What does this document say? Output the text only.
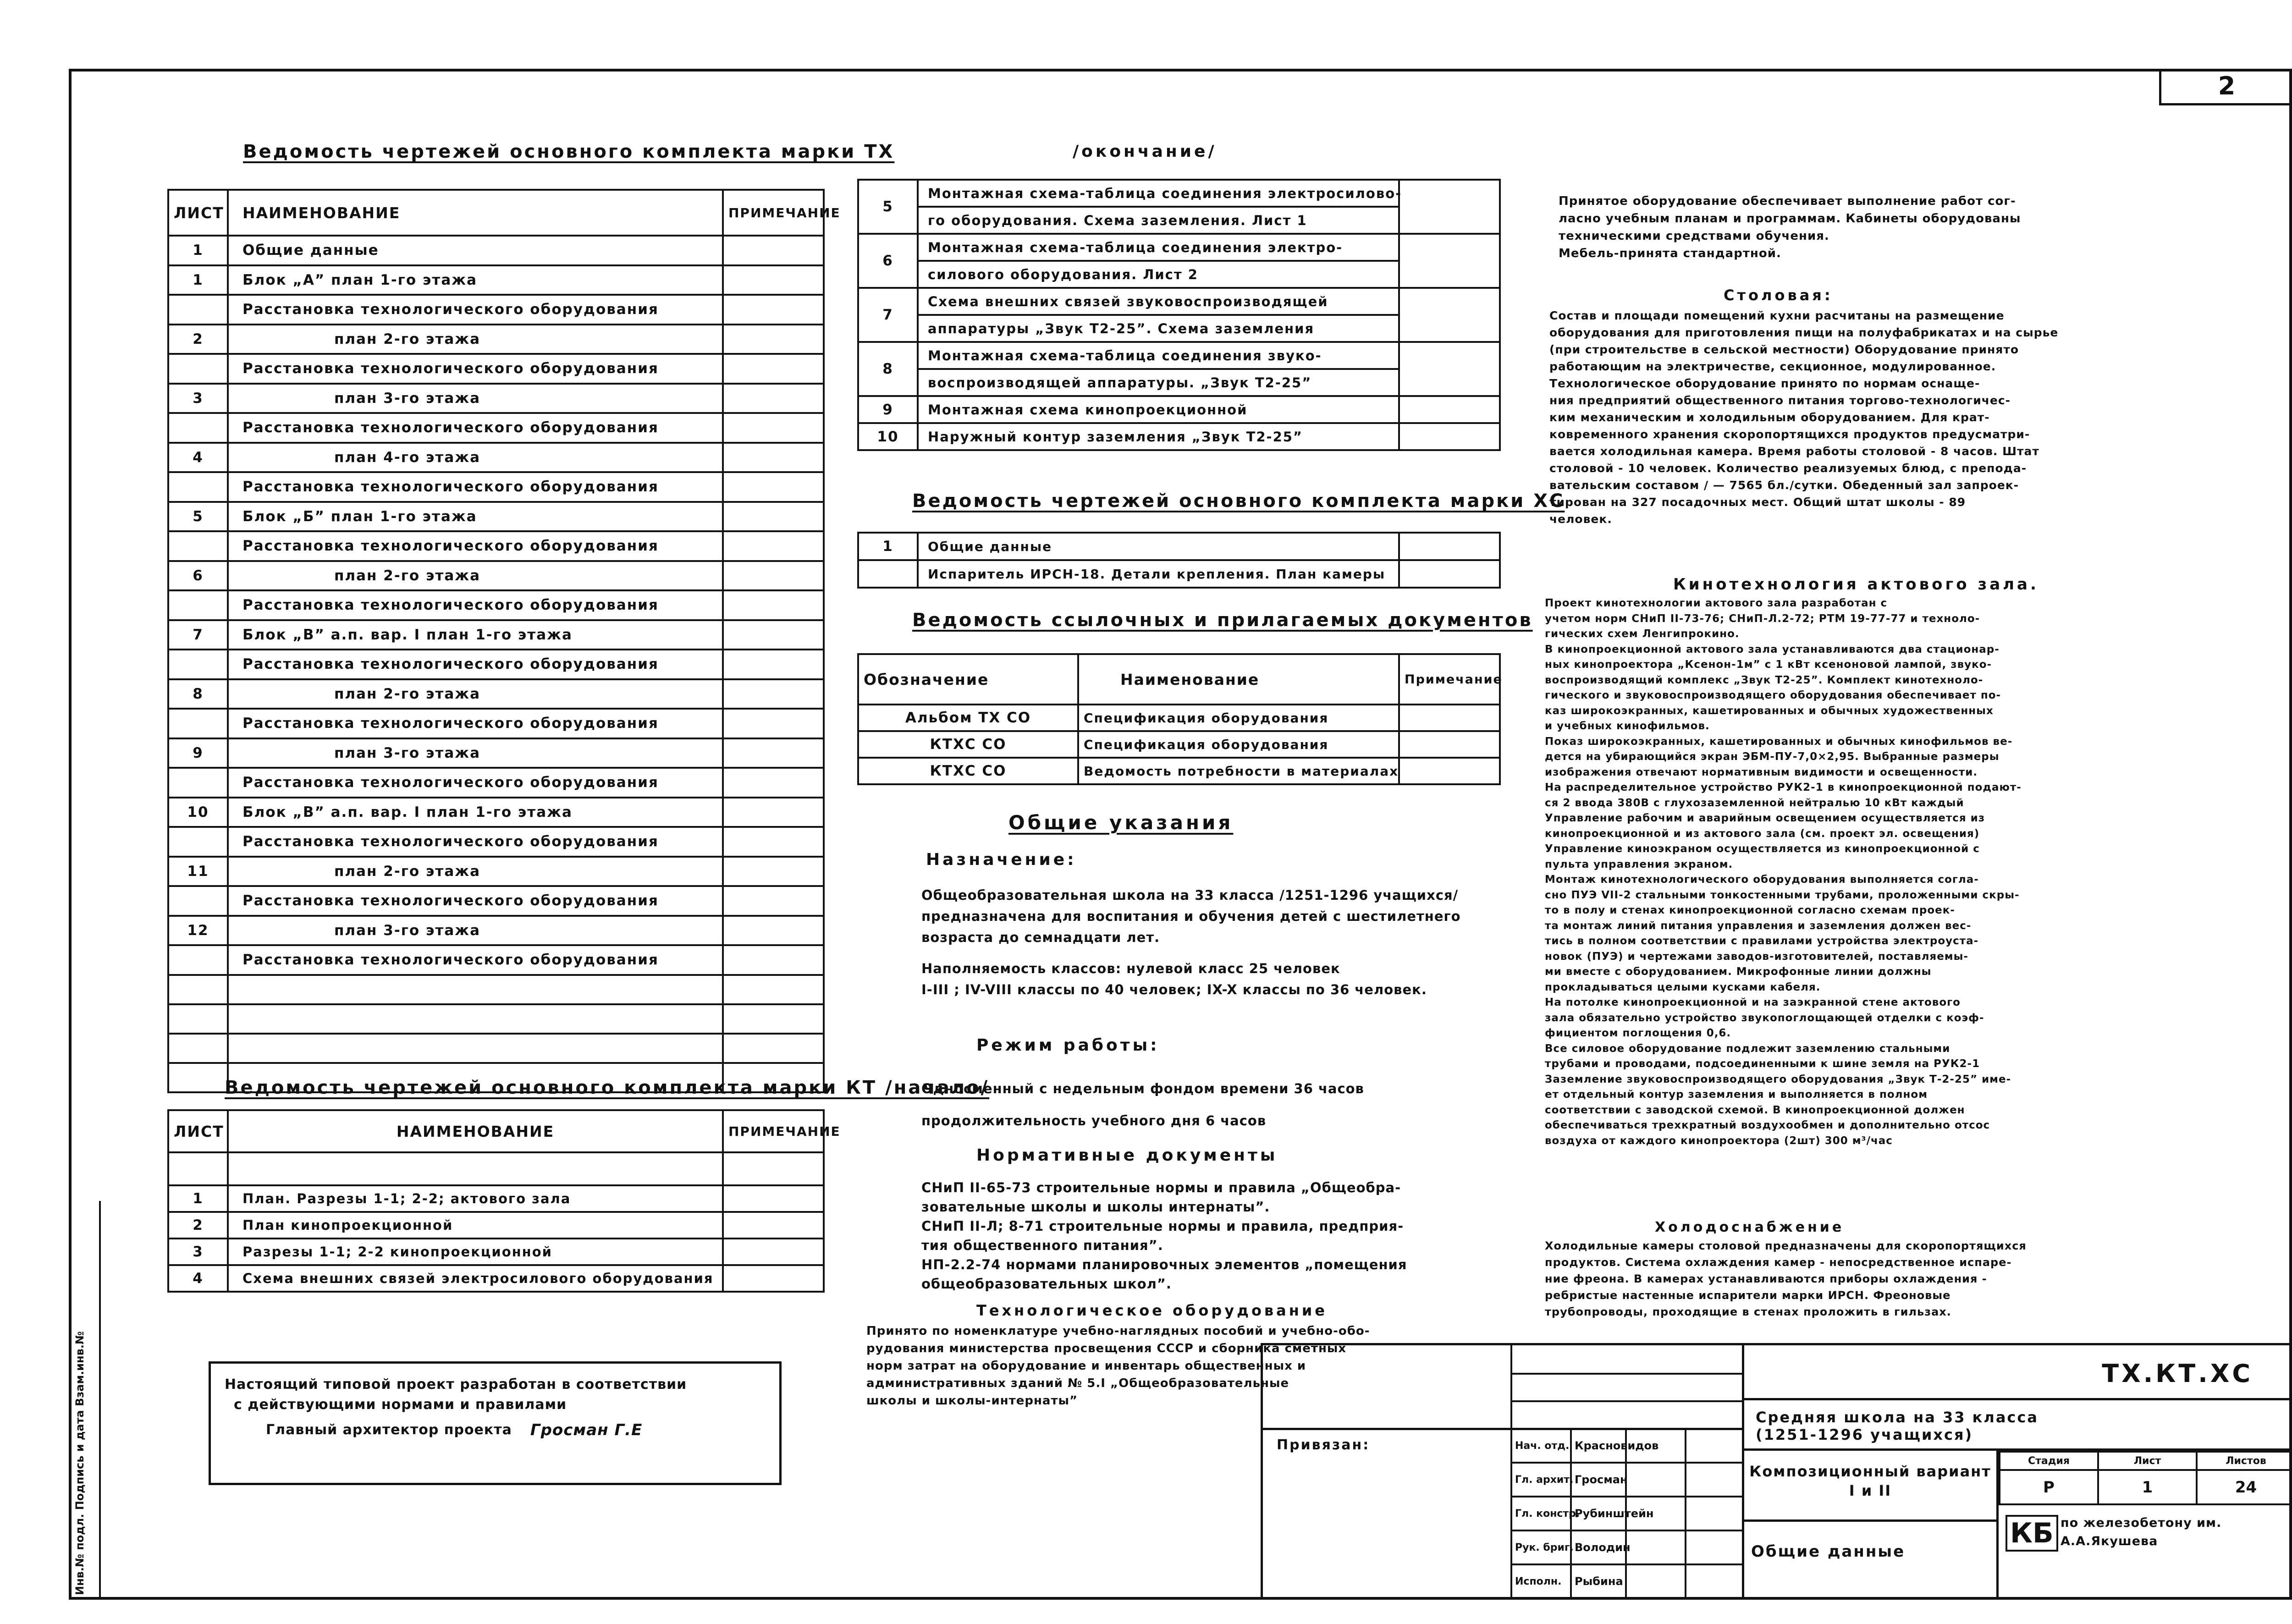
2
Инв.№ подл. Подпись и дата Взам.инв.№
Ведомость чертежей основного комплекта марки ТХ
ЛИСТ	НАИМЕНОВАНИЕ	ПРИМЕЧАНИЕ
1	Общие данные	
1	Блок „А” план 1-го этажа	
	Расстановка технологического оборудования	
2	план 2-го этажа	
	Расстановка технологического оборудования	
3	план 3-го этажа	
	Расстановка технологического оборудования	
4	план 4-го этажа	
	Расстановка технологического оборудования	
5	Блок „Б” план 1-го этажа	
	Расстановка технологического оборудования	
6	план 2-го этажа	
	Расстановка технологического оборудования	
7	Блок „В” а.п. вар. I план 1-го этажа	
	Расстановка технологического оборудования	
8	план 2-го этажа	
	Расстановка технологического оборудования	
9	план 3-го этажа	
	Расстановка технологического оборудования	
10	Блок „В” а.п. вар. I план 1-го этажа	
	Расстановка технологического оборудования	
11	план 2-го этажа	
	Расстановка технологического оборудования	
12	план 3-го этажа	
	Расстановка технологического оборудования	

Ведомость чертежей основного комплекта марки КТ /начало/
ЛИСТ	НАИМЕНОВАНИЕ	ПРИМЕЧАНИЕ

1	План. Разрезы 1-1; 2-2; актового зала	
2	План кинопроекционной	
3	Разрезы 1-1; 2-2 кинопроекционной	
4	Схема внешних связей электросилового оборудования	
/окончание/
5	Монтажная схема-таблица соединения электросилово-	
	го оборудования. Схема заземления. Лист 1	
6	Монтажная схема-таблица соединения электро-	
	силового оборудования. Лист 2	
7	Схема внешних связей звуковоспроизводящей	
	аппаратуры „Звук Т2-25”. Схема заземления	
8	Монтажная схема-таблица соединения звуко-	
	воспроизводящей аппаратуры. „Звук Т2-25”	
9	Монтажная схема кинопроекционной	
10	Наружный контур заземления „Звук Т2-25”	
Ведомость чертежей основного комплекта марки ХС
1	Общие данные	
	Испаритель ИРСН-18. Детали крепления. План камеры	
Ведомость ссылочных и прилагаемых документов
Обозначение	Наименование	Примечание
Альбом ТХ СО	Спецификация оборудования	
КТХС СО	Спецификация оборудования	
КТХС СО	Ведомость потребности в материалах	
Общие указания
Назначение:
Общеобразовательная школа на 33 класса /1251-1296 учащихся/
предназначена для воспитания и обучения детей с шестилетнего
возраста до семнадцати лет.
Наполняемость классов: нулевой класс 25 человек
I-III ; IV-VIII классы по 40 человек; IX-X классы по 36 человек.
Режим работы:
Односменный с недельным фондом времени 36 часов
продолжительность учебного дня 6 часов
Нормативные документы
СНиП II-65-73 строительные нормы и правила „Общеобра-
зовательные школы и школы интернаты”.
СНиП II-Л; 8-71 строительные нормы и правила, предприя-
тия общественного питания”.
НП-2.2-74 нормами планировочных элементов „помещения
общеобразовательных школ”.
Технологическое оборудование
Принято по номенклатуре учебно-наглядных пособий и учебно-обо-
рудования министерства просвещения СССР и сборника сметных
норм затрат на оборудование и инвентарь общественных и
административных зданий № 5.I „Общеобразовательные
школы и школы-интернаты”
Принятое оборудование обеспечивает выполнение работ сог-
ласно учебным планам и программам. Кабинеты оборудованы
техническими средствами обучения.
Мебель-принята стандартной.
Столовая:
Состав и площади помещений кухни расчитаны на размещение
оборудования для приготовления пищи на полуфабрикатах и на сырье
(при строительстве в сельской местности) Оборудование принято
работающим на электричестве, секционное, модулированное.
Технологическое оборудование принято по нормам оснаще-
ния предприятий общественного питания торгово-технологичес-
ким механическим и холодильным оборудованием. Для крат-
ковременного хранения скоропортящихся продуктов предусматри-
вается холодильная камера. Время работы столовой - 8 часов. Штат
столовой - 10 человек. Количество реализуемых блюд, с препода-
вательским составом / — 7565 бл./сутки. Обеденный зал запроек-
тирован на 327 посадочных мест. Общий штат школы - 89
человек.
Кинотехнология актового зала.
Проект кинотехнологии актового зала разработан с
учетом норм СНиП II-73-76; СНиП-Л.2-72; РТМ 19-77-77 и техноло-
гических схем Ленгипрокино.
В кинопроекционной актового зала устанавливаются два стационар-
ных кинопроектора „Ксенон-1м” с 1 кВт ксеноновой лампой, звуко-
воспроизводящий комплекс „Звук Т2-25”. Комплект кинотехноло-
гического и звуковоспроизводящего оборудования обеспечивает по-
каз широкоэкранных, кашетированных и обычных художественных
и учебных кинофильмов.
Показ широкоэкранных, кашетированных и обычных кинофильмов ве-
дется на убирающийся экран ЭБМ-ПУ-7,0×2,95. Выбранные размеры
изображения отвечают нормативным видимости и освещенности.
На распределительное устройство РУК2-1 в кинопроекционной подают-
ся 2 ввода 380В с глухозаземленной нейтралью 10 кВт каждый
Управление рабочим и аварийным освещением осуществляется из
кинопроекционной и из актового зала (см. проект эл. освещения)
Управление киноэкраном осуществляется из кинопроекционной с
пульта управления экраном.
Монтаж кинотехнологического оборудования выполняется согла-
сно ПУЭ VII-2 стальными тонкостенными трубами, проложенными скры-
то в полу и стенах кинопроекционной согласно схемам проек-
та монтаж линий питания управления и заземления должен вес-
тись в полном соответствии с правилами устройства электроуста-
новок (ПУЭ) и чертежами заводов-изготовителей, поставляемы-
ми вместе с оборудованием. Микрофонные линии должны
прокладываться целыми кусками кабеля.
На потолке кинопроекционной и на заэкранной стене актового
зала обязательно устройство звукопоглощающей отделки с коэф-
фициентом поглощения 0,6.
Все силовое оборудование подлежит заземлению стальными
трубами и проводами, подсоединенными к шине земля на РУК2-1
Заземление звуковоспроизводящего оборудования „Звук Т-2-25” име-
ет отдельный контур заземления и выполняется в полном
соответствии с заводской схемой. В кинопроекционной должен
обеспечиваться трехкратный воздухообмен и дополнительно отсос
воздуха от каждого кинопроектора (2шт) 300 м³/час
Холодоснабжение
Холодильные камеры столовой предназначены для скоропортящихся
продуктов. Система охлаждения камер - непосредственное испаре-
ние фреона. В камерах устанавливаются приборы охлаждения -
ребристые настенные испарители марки ИРСН. Фреоновые
трубопроводы, проходящие в стенах проложить в гильзах.
Настоящий типовой проект разработан в соответствии
с действующими нормами и правилами
Главный архитектор проекта Гросман Г.Е
Привязан:	Нач. отд.	Красновидов	
Гл. архит.	Гросман	
Гл. констр.	Рубинштейн	
Рук. бриг.	Володин	
Исполн.	Рыбина	
ТХ.КТ.ХС
Средняя школа на 33 класса (1251-1296 учащихся)
Композиционный вариант I и II
Общие данные
Стадия	Лист	Листов
Р	1	24
КБ по железобетону им. А.А.Якушева
